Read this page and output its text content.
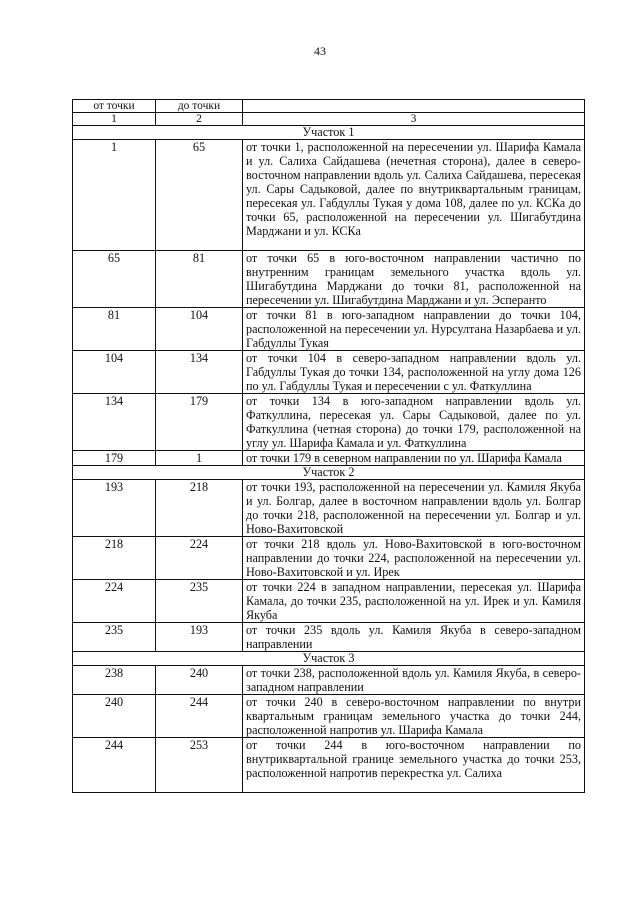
43
от точки	до точки	
1	2	3
Участок 1		
1	65	от точки 1, расположенной на пересечении ул. Шарифа Камала и ул. Салиха Сайдашева (нечетная сторона), далее в северо-восточном направлении вдоль ул. Салиха Сайдашева, пересекая ул. Сары Садыковой, далее по внутриквартальным границам, пересекая ул. Габдуллы Тукая у дома 108, далее по ул. КСКа до точки 65, расположенной на пересечении ул. Шигабутдина Марджани и ул. КСКа
65	81	от точки 65 в юго-восточном направлении частично по внутренним границам земельного участка вдоль ул. Шигабутдина Марджани до точки 81, расположенной на пересечении ул. Шигабутдина Марджани и ул. Эсперанто
81	104	от точки 81 в юго-западном направлении до точки 104, расположенной на пересечении ул. Нурсултана Назарбаева и ул. Габдуллы Тукая
104	134	от точки 104 в северо-западном направлении вдоль ул. Габдуллы Тукая до точки 134, расположенной на углу дома 126 по ул. Габдуллы Тукая и пересечении с ул. Фаткуллина
134	179	от точки 134 в юго-западном направлении вдоль ул. Фаткуллина, пересекая ул. Сары Садыковой, далее по ул. Фаткуллина (четная сторона) до точки 179, расположенной на углу ул. Шарифа Камала и ул. Фаткуллина
179	1	от точки 179 в северном направлении по ул. Шарифа Камала
Участок 2		
193	218	от точки 193, расположенной на пересечении ул. Камиля Якуба и ул. Болгар, далее в восточном направлении вдоль ул. Болгар до точки 218, расположенной на пересечении ул. Болгар и ул. Ново-Вахитовской
218	224	от точки 218 вдоль ул. Ново-Вахитовской в юго-восточном направлении до точки 224, расположенной на пересечении ул. Ново-Вахитовской и ул. Ирек
224	235	от точки 224 в западном направлении, пересекая ул. Шарифа Камала, до точки 235, расположенной на ул. Ирек и ул. Камиля Якуба
235	193	от точки 235 вдоль ул. Камиля Якуба в северо-западном направлении
Участок 3		
238	240	от точки 238, расположенной вдоль ул. Камиля Якуба, в северо-западном направлении
240	244	от точки 240 в северо-восточном направлении по внутри квартальным границам земельного участка до точки 244, расположенной напротив ул. Шарифа Камала
244	253	от точки 244 в юго-восточном направлении по внутриквартальной границе земельного участка до точки 253, расположенной напротив перекрестка ул. Салиха
